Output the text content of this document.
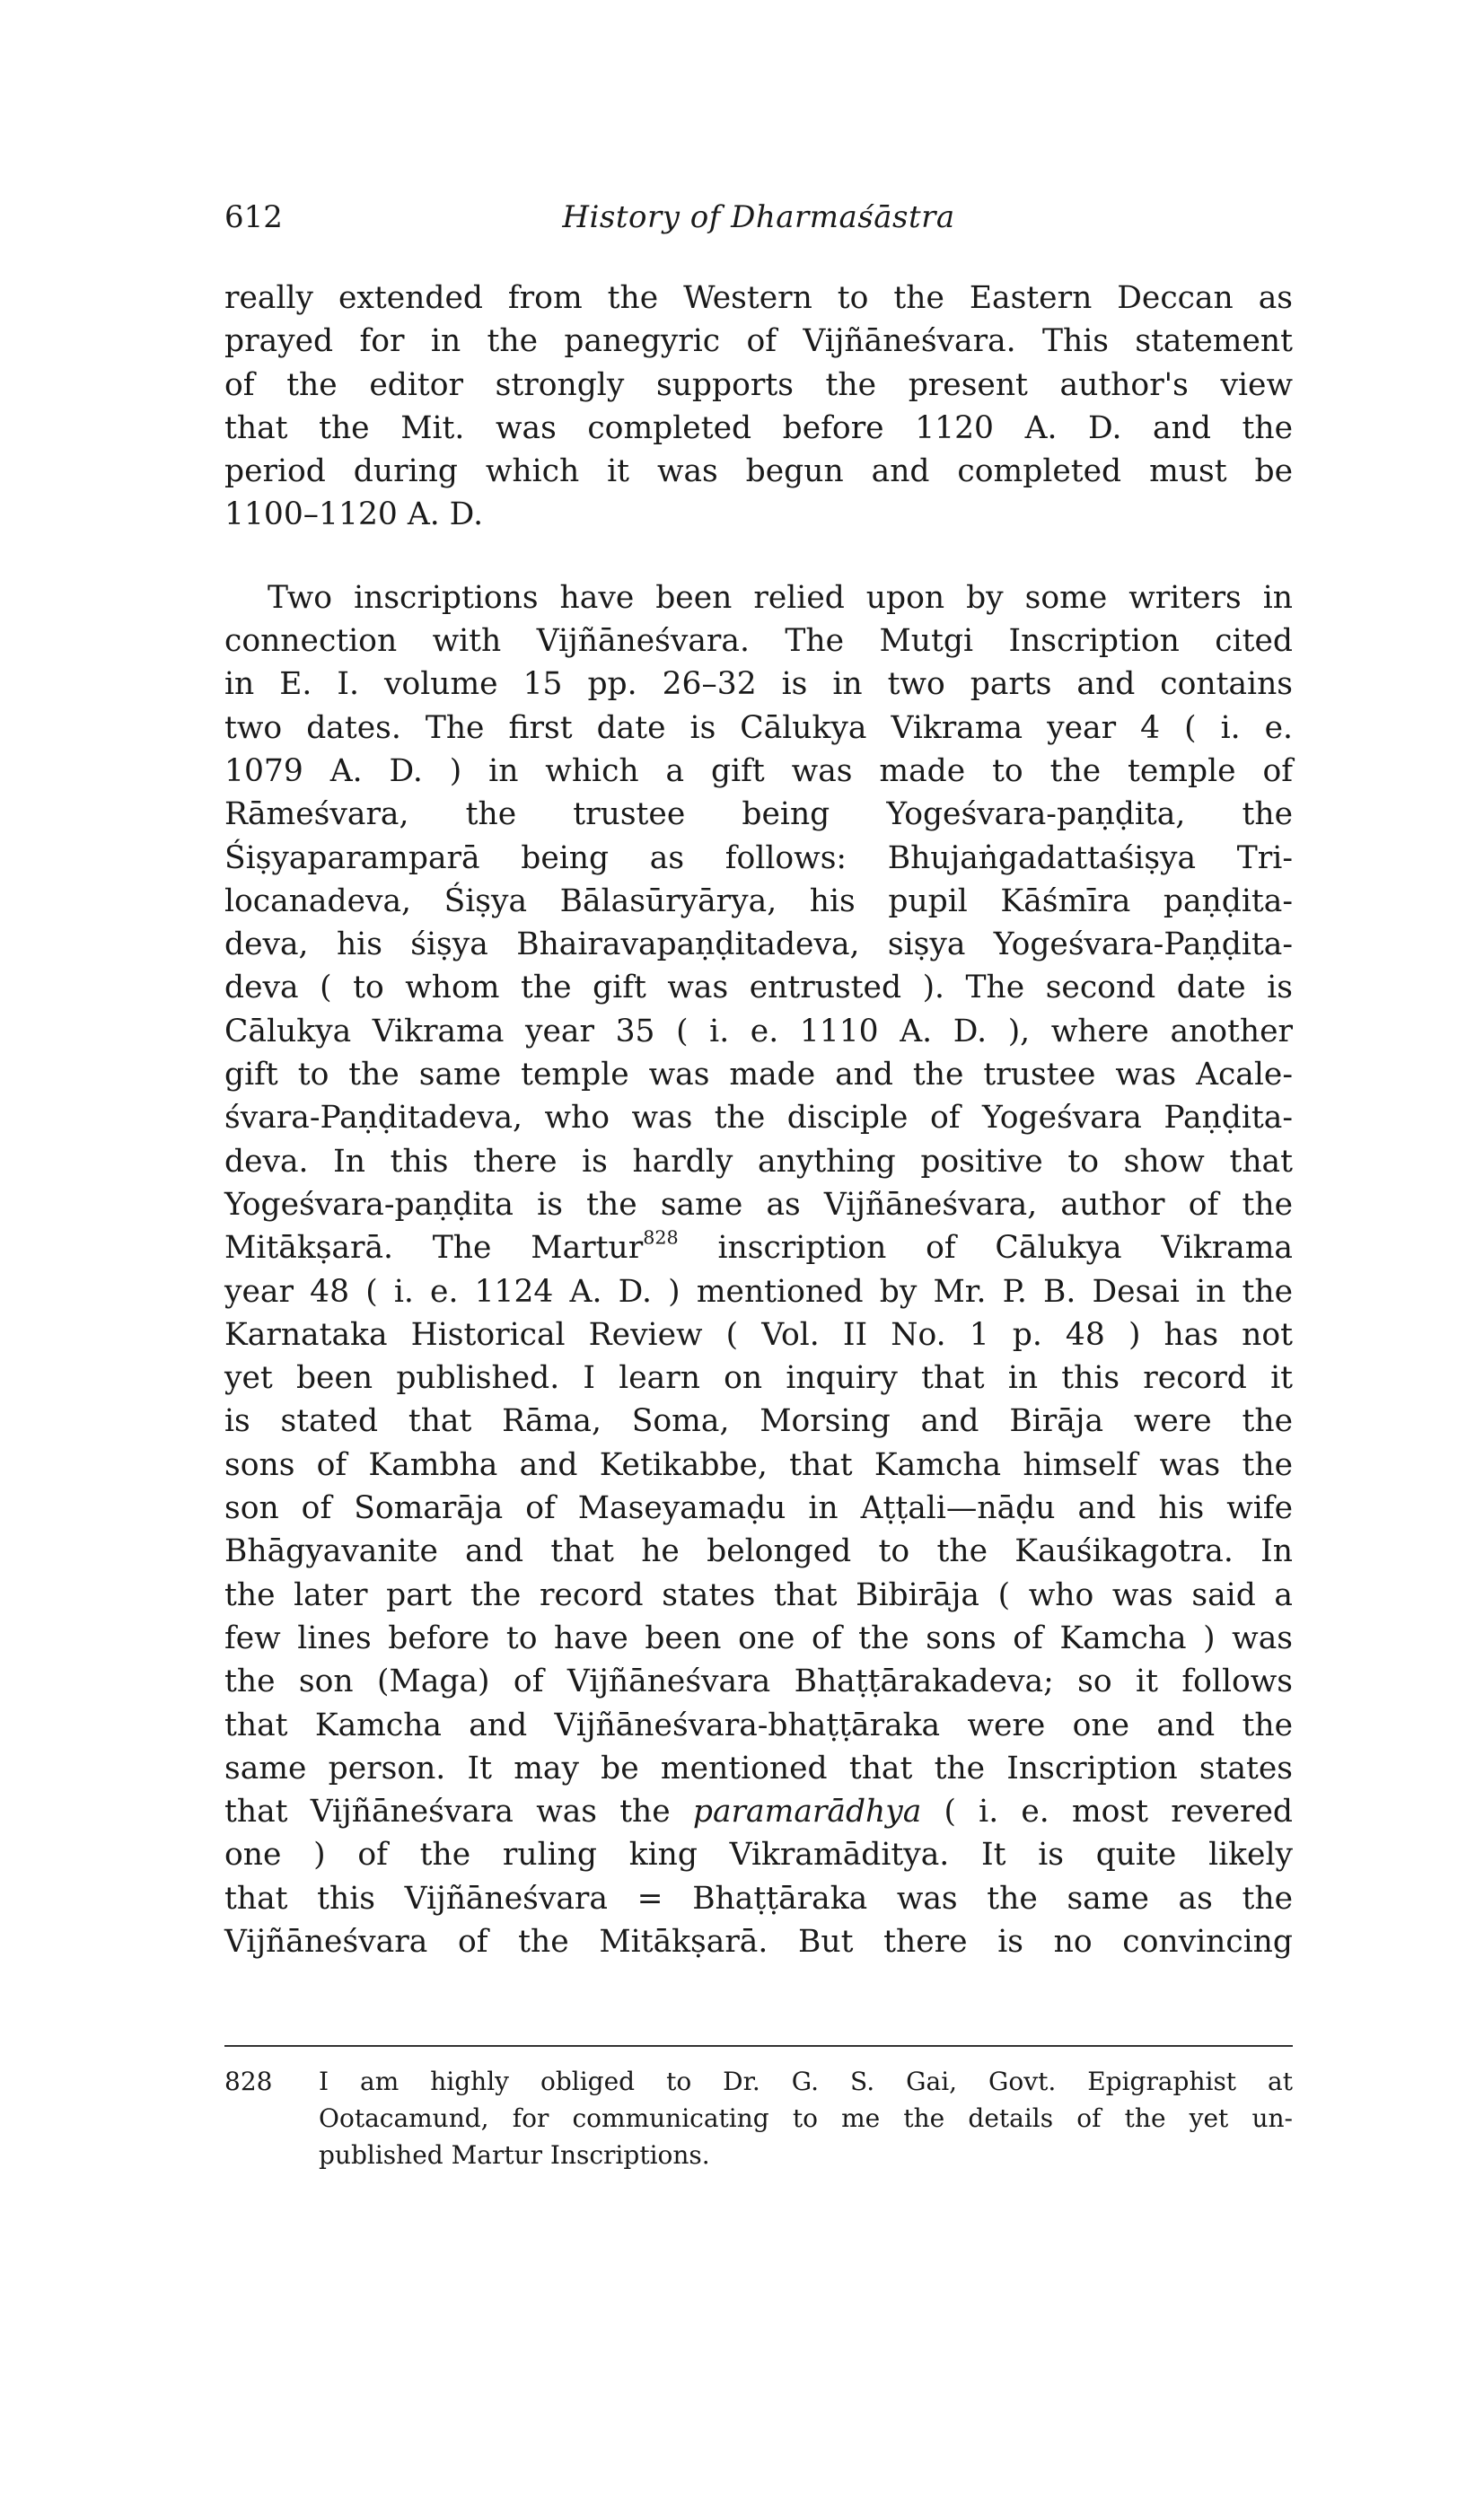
612	History of Dharmaśāstra
really extended from the Western to the Eastern Deccan as
prayed for in the panegyric of Vijñāneśvara. This statement
of the editor strongly supports the present author's view
that the Mit. was completed before 1120 A. D. and the
period during which it was begun and completed must be
1100–1120 A. D.
Two inscriptions have been relied upon by some writers in
connection with Vijñāneśvara. The Mutgi Inscription cited
in E. I. volume 15 pp. 26–32 is in two parts and contains
two dates. The first date is Cālukya Vikrama year 4 ( i. e.
1079 A. D. ) in which a gift was made to the temple of
Rāmeśvara, the trustee being Yogeśvara-paṇḍita, the
Śiṣyaparamparā being as follows: Bhujaṅgadattaśiṣya Tri-
locanadeva, Śiṣya Bālasūryārya, his pupil Kāśmīra paṇḍita-
deva, his śiṣya Bhairavapaṇḍitadeva, siṣya Yogeśvara-Paṇḍita-
deva ( to whom the gift was entrusted ). The second date is
Cālukya Vikrama year 35 ( i. e. 1110 A. D. ), where another
gift to the same temple was made and the trustee was Acale-
śvara-Paṇḍitadeva, who was the disciple of Yogeśvara Paṇḍita-
deva. In this there is hardly anything positive to show that
Yogeśvara-paṇḍita is the same as Vijñāneśvara, author of the
Mitākṣarā. The Martur$^{828}$ inscription of Cālukya Vikrama
year 48 ( i. e. 1124 A. D. ) mentioned by Mr. P. B. Desai in the
Karnataka Historical Review ( Vol. II No. 1 p. 48 ) has not
yet been published. I learn on inquiry that in this record it
is stated that Rāma, Soma, Morsing and Birāja were the
sons of Kambha and Ketikabbe, that Kamcha himself was the
son of Somarāja of Maseyamaḍu in Aṭṭali—nāḍu and his wife
Bhāgyavanite and that he belonged to the Kauśikagotra. In
the later part the record states that Bibirāja ( who was said a
few lines before to have been one of the sons of Kamcha ) was
the son (Maga) of Vijñāneśvara Bhaṭṭārakadeva; so it follows
that Kamcha and Vijñāneśvara-bhaṭṭāraka were one and the
same person. It may be mentioned that the Inscription states
that Vijñāneśvara was the paramarādhya ( i. e. most revered
one ) of the ruling king Vikramāditya. It is quite likely
that this Vijñāneśvara = Bhaṭṭāraka was the same as the
Vijñāneśvara of the Mitākṣarā. But there is no convincing
828 I am highly obliged to Dr. G. S. Gai, Govt. Epigraphist at
Ootacamund, for communicating to me the details of the yet un-
published Martur Inscriptions.
